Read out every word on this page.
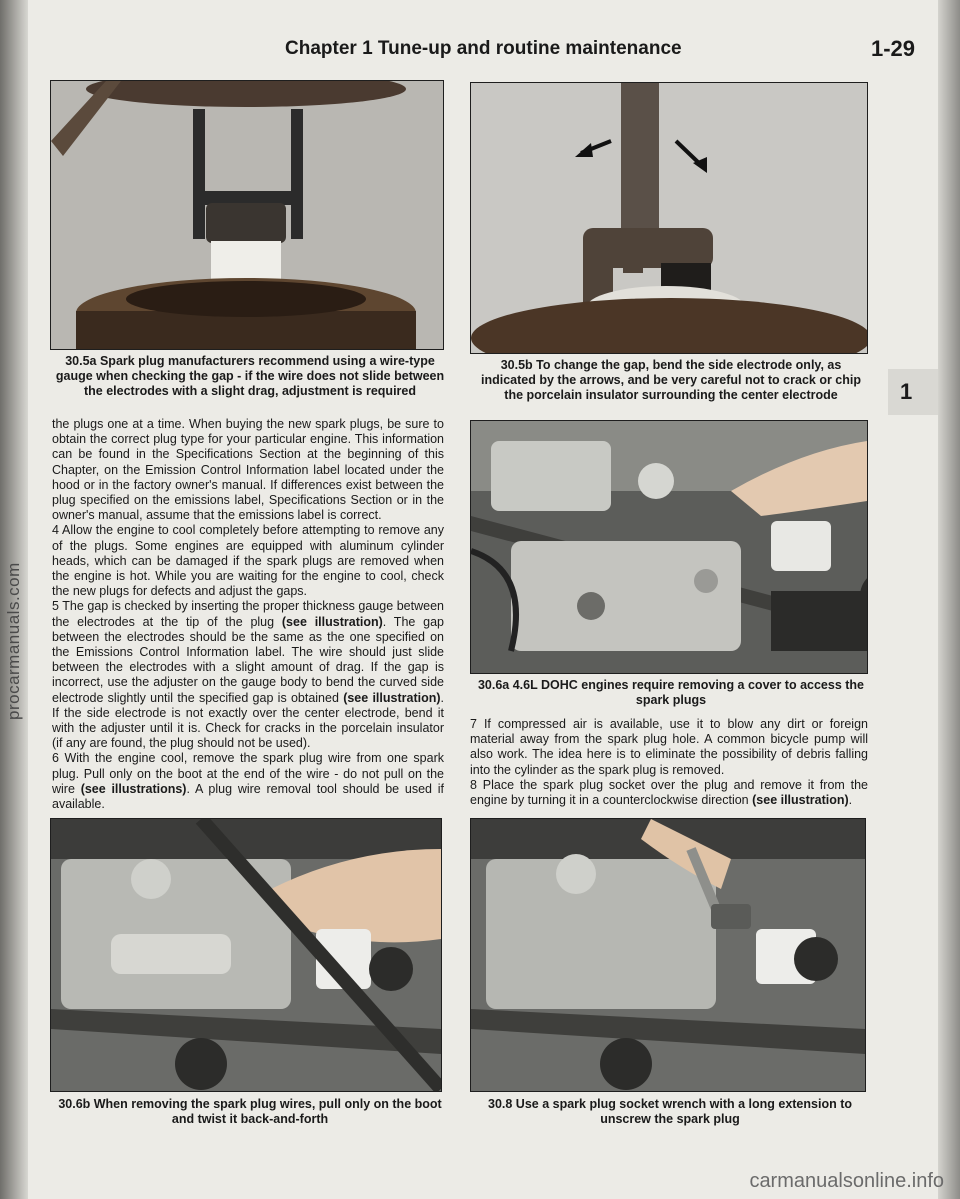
procarmanuals.com
Chapter 1 Tune-up and routine maintenance	1-29
1
30.5a Spark plug manufacturers recommend using a wire-type gauge when checking the gap - if the wire does not slide between the electrodes with a slight drag, adjustment is required
30.5b To change the gap, bend the side electrode only, as indicated by the arrows, and be very careful not to crack or chip the porcelain insulator surrounding the center electrode

the plugs one at a time. When buying the new spark plugs, be sure to obtain the correct plug type for your particular engine. This information can be found in the Specifications Section at the beginning of this Chapter, on the Emission Control Information label located under the hood or in the factory owner's manual. If differences exist between the plug specified on the emissions label, Specifications Section or in the owner's manual, assume that the emissions label is correct.

4 Allow the engine to cool completely before attempting to remove any of the plugs. Some engines are equipped with aluminum cylinder heads, which can be damaged if the spark plugs are removed when the engine is hot. While you are waiting for the engine to cool, check the new plugs for defects and adjust the gaps.

5 The gap is checked by inserting the proper thickness gauge between the electrodes at the tip of the plug (see illustration). The gap between the electrodes should be the same as the one specified on the Emissions Control Information label. The wire should just slide between the electrodes with a slight amount of drag. If the gap is incorrect, use the adjuster on the gauge body to bend the curved side electrode slightly until the specified gap is obtained (see illustration). If the side electrode is not exactly over the center electrode, bend it with the adjuster until it is. Check for cracks in the porcelain insulator (if any are found, the plug should not be used).

6 With the engine cool, remove the spark plug wire from one spark plug. Pull only on the boot at the end of the wire - do not pull on the wire (see illustrations). A plug wire removal tool should be used if available.

30.6a 4.6L DOHC engines require removing a cover to access the spark plugs

7 If compressed air is available, use it to blow any dirt or foreign material away from the spark plug hole. A common bicycle pump will also work. The idea here is to eliminate the possibility of debris falling into the cylinder as the spark plug is removed.

8 Place the spark plug socket over the plug and remove it from the engine by turning it in a counterclockwise direction (see illustration).

30.6b When removing the spark plug wires, pull only on the boot and twist it back-and-forth
30.8 Use a spark plug socket wrench with a long extension to unscrew the spark plug
carmanualsonline.info
